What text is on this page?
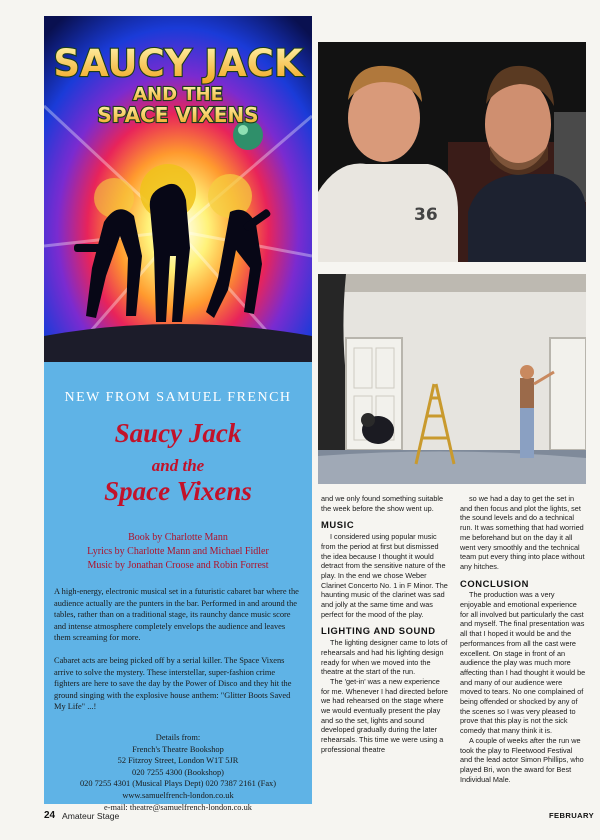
SAUCY JACK
AND THE
SPACE VIXENS
NEW FROM SAMUEL FRENCH
Saucy Jack
and the
Space Vixens
Book by Charlotte Mann
Lyrics by Charlotte Mann and Michael Fidler
Music by Jonathan Croose and Robin Forrest
A high-energy, electronic musical set in a futuristic cabaret bar where the audience actually are the punters in the bar. Performed in and around the tables, rather than on a traditional stage, its raunchy dance music score and intense atmosphere completely envelops the audience and leaves them screaming for more.
Cabaret acts are being picked off by a serial killer. The Space Vixens arrive to solve the mystery. These interstellar, super-fashion crime fighters are here to save the day by the Power of Disco and they hit the ground singing with the explosive house anthem: "Glitter Boots Saved My Life" ...!
Details from:
French's Theatre Bookshop
52 Fitzroy Street, London W1T 5JR
020 7255 4300 (Bookshop)
020 7255 4301 (Musical Plays Dept) 020 7387 2161 (Fax)
www.samuelfrench-london.co.uk
e-mail: theatre@samuelfrench-london.co.uk
36

and we only found something suitable the week before the show went up.

MUSIC

I considered using popular music from the period at first but dismissed the idea because I thought it would detract from the sensitive nature of the play. In the end we chose Weber Clarinet Concerto No. 1 in F Minor. The haunting music of the clarinet was sad and jolly at the same time and was perfect for the mood of the play.

LIGHTING AND SOUND

The lighting designer came to lots of rehearsals and had his lighting design ready for when we moved into the theatre at the start of the run.

The 'get-in' was a new experience for me. Whenever I had directed before we had rehearsed on the stage where we would eventually present the play and so the set, lights and sound developed gradually during the later rehearsals. This time we were using a professional theatre

so we had a day to get the set in and then focus and plot the lights, set the sound levels and do a technical run. It was something that had worried me beforehand but on the day it all went very smoothly and the technical team put every thing into place without any hitches.

CONCLUSION

The production was a very enjoyable and emotional experience for all involved but particularly the cast and myself. The final presentation was all that I hoped it would be and the performances from all the cast were excellent. On stage in front of an audience the play was much more affecting than I had thought it would be and many of our audience were moved to tears. No one complained of being offended or shocked by any of the scenes so I was very pleased to prove that this play is not the sick comedy that many think it is.

A couple of weeks after the run we took the play to Fleetwood Festival and the lead actor Simon Phillips, who played Bri, won the award for Best Individual Male.

24 Amateur Stage	FEBRUARY
